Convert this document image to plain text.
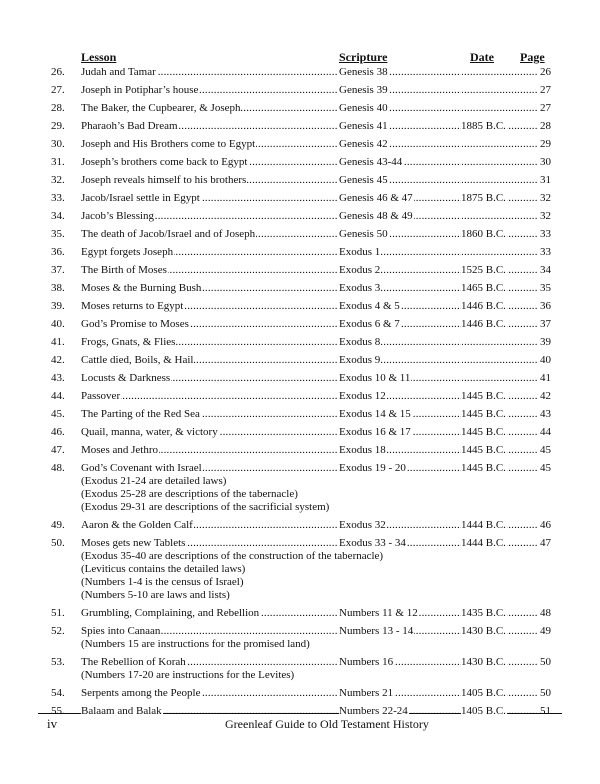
Lesson	Scripture	Date Page
26.	Judah and Tamar .....	Genesis 38 ..... .....	26
27.	Joseph in Potiphar’s house .....	Genesis 39 ..... .....	27
28.	The Baker, the Cupbearer, & Joseph .....	Genesis 40 ..... .....	27
29.	Pharaoh’s Bad Dream .....	Genesis 41 .....	1885 B.C. .....	28
30.	Joseph and His Brothers come to Egypt .....	Genesis 42 ..... .....	29
31.	Joseph’s brothers come back to Egypt .....	Genesis 43-44 ..... .....	30
32.	Joseph reveals himself to his brothers .....	Genesis 45 ..... .....	31
33.	Jacob/Israel settle in Egypt .....	Genesis 46 & 47 .....	1875 B.C. .....	32
34.	Jacob’s Blessing .....	Genesis 48 & 49 ..... .....	32
35.	The death of Jacob/Israel and of Joseph .....	Genesis 50 .....	1860 B.C. .....	33
36.	Egypt forgets Joseph .....	Exodus 1 ..... .....	33
37.	The Birth of Moses .....	Exodus 2 .....	1525 B.C. .....	34
38.	Moses & the Burning Bush .....	Exodus 3 .....	1465 B.C. .....	35
39.	Moses returns to Egypt .....	Exodus 4 & 5 .....	1446 B.C. .....	36
40.	God’s Promise to Moses .....	Exodus 6 & 7 .....	1446 B.C. .....	37
41.	Frogs, Gnats, & Flies .....	Exodus 8 ..... .....	39
42.	Cattle died, Boils, & Hail .....	Exodus 9 ..... .....	40
43.	Locusts & Darkness .....	Exodus 10 & 11 ..... .....	41
44.	Passover .....	Exodus 12 .....	1445 B.C. .....	42
45.	The Parting of the Red Sea .....	Exodus 14 & 15 .....	1445 B.C. .....	43
46.	Quail, manna, water, & victory .....	Exodus 16 & 17 .....	1445 B.C. .....	44
47.	Moses and Jethro .....	Exodus 18 .....	1445 B.C. .....	45
48.	God’s Covenant with Israel .....	Exodus 19 - 20 .....	1445 B.C. .....	45
(Exodus 21-24 are detailed laws)
(Exodus 25-28 are descriptions of the tabernacle)
(Exodus 29-31 are descriptions of the sacrificial system)
49.	Aaron & the Golden Calf .....	Exodus 32 .....	1444 B.C. .....	46
50.	Moses gets new Tablets .....	Exodus 33 - 34 .....	1444 B.C. .....	47
(Exodus 35-40 are descriptions of the construction of the tabernacle)
(Leviticus contains the detailed laws)
(Numbers 1-4 is the census of Israel)
(Numbers 5-10 are laws and lists)
51.	Grumbling, Complaining, and Rebellion .....	Numbers 11 & 12 .....	1435 B.C. .....	48
52.	Spies into Canaan .....	Numbers 13 - 14 .....	1430 B.C. .....	49
(Numbers 15 are instructions for the promised land)
53.	The Rebellion of Korah .....	Numbers 16 .....	1430 B.C. .....	50
(Numbers 17-20 are instructions for the Levites)
54.	Serpents among the People .....	Numbers 21 .....	1405 B.C. .....	50
55.	Balaam and Balak .....	Numbers 22-24 .....	1405 B.C. .....	51
iv	Greenleaf Guide to Old Testament History
